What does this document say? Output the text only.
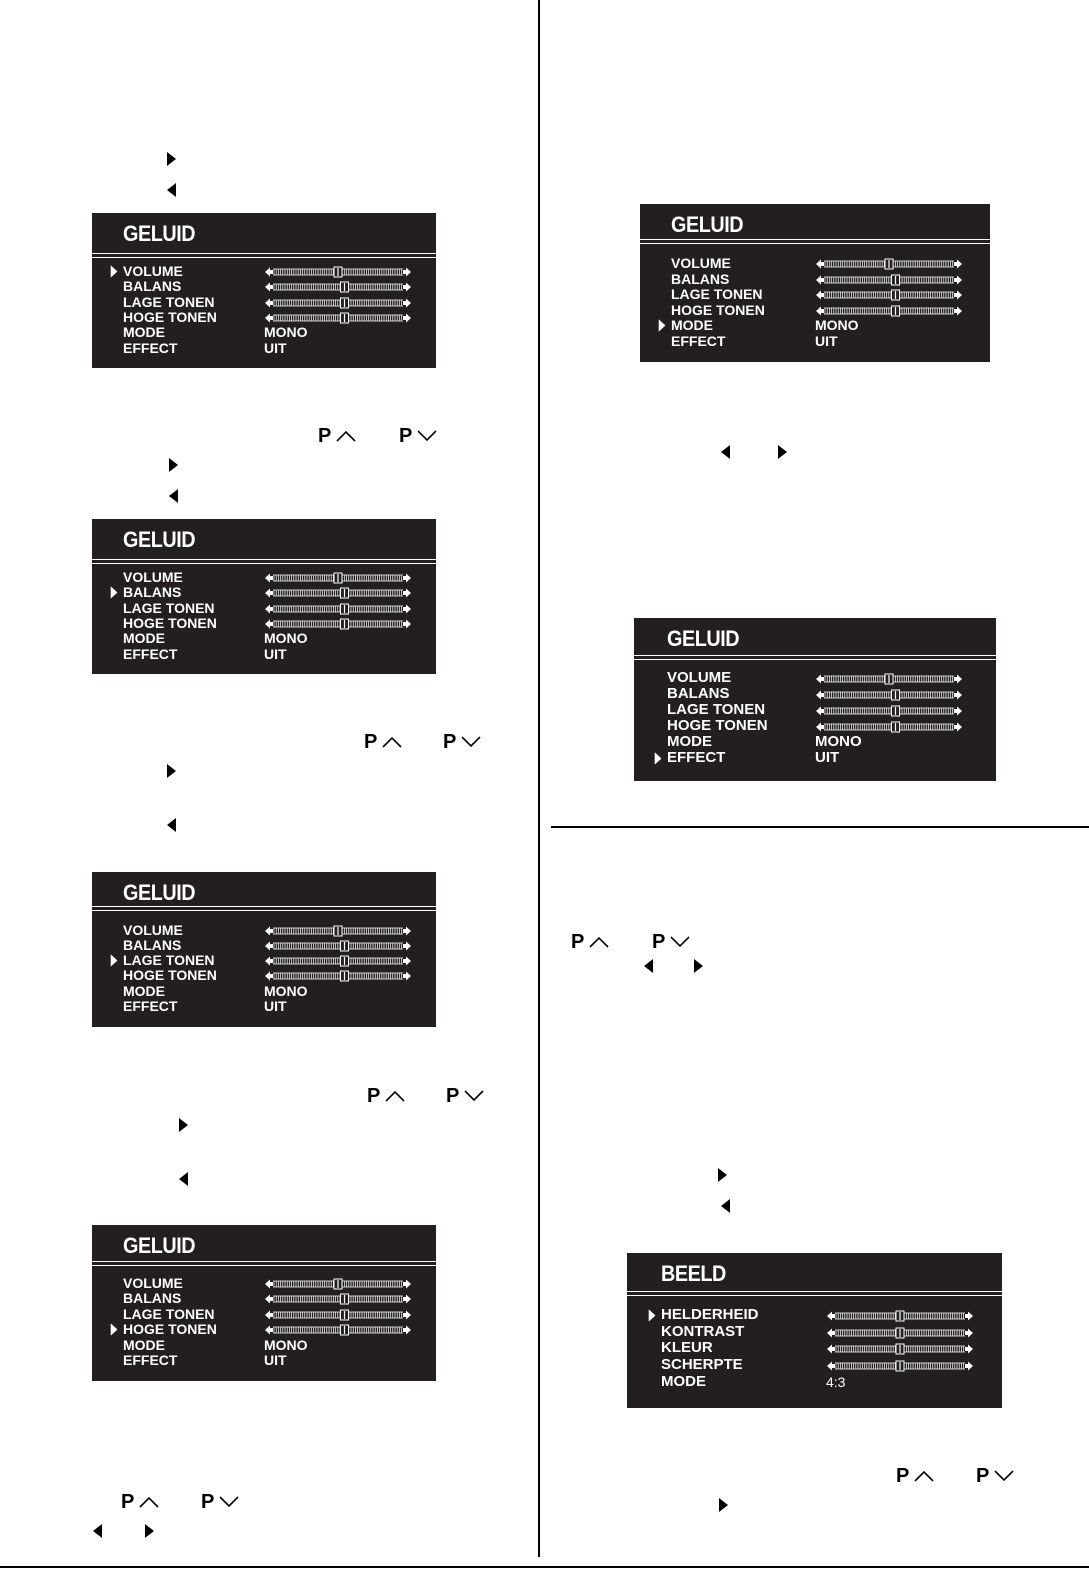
GELUID
VOLUME
BALANS
LAGE TONEN
HOGE TONEN
MODE	MONO
EFFECT	UIT
P	P
GELUID
VOLUME
BALANS
LAGE TONEN
HOGE TONEN
MODE	MONO
EFFECT	UIT
P	P
GELUID
VOLUME
BALANS
LAGE TONEN
HOGE TONEN
MODE	MONO
EFFECT	UIT
P	P
GELUID
VOLUME
BALANS
LAGE TONEN
HOGE TONEN
MODE	MONO
EFFECT	UIT
P	P
GELUID
VOLUME
BALANS
LAGE TONEN
HOGE TONEN
MODE	MONO
EFFECT	UIT
GELUID
VOLUME
BALANS
LAGE TONEN
HOGE TONEN
MODE	MONO
EFFECT	UIT
P	P
BEELD
HELDERHEID
KONTRAST
KLEUR
SCHERPTE
MODE	4:3
P	P
